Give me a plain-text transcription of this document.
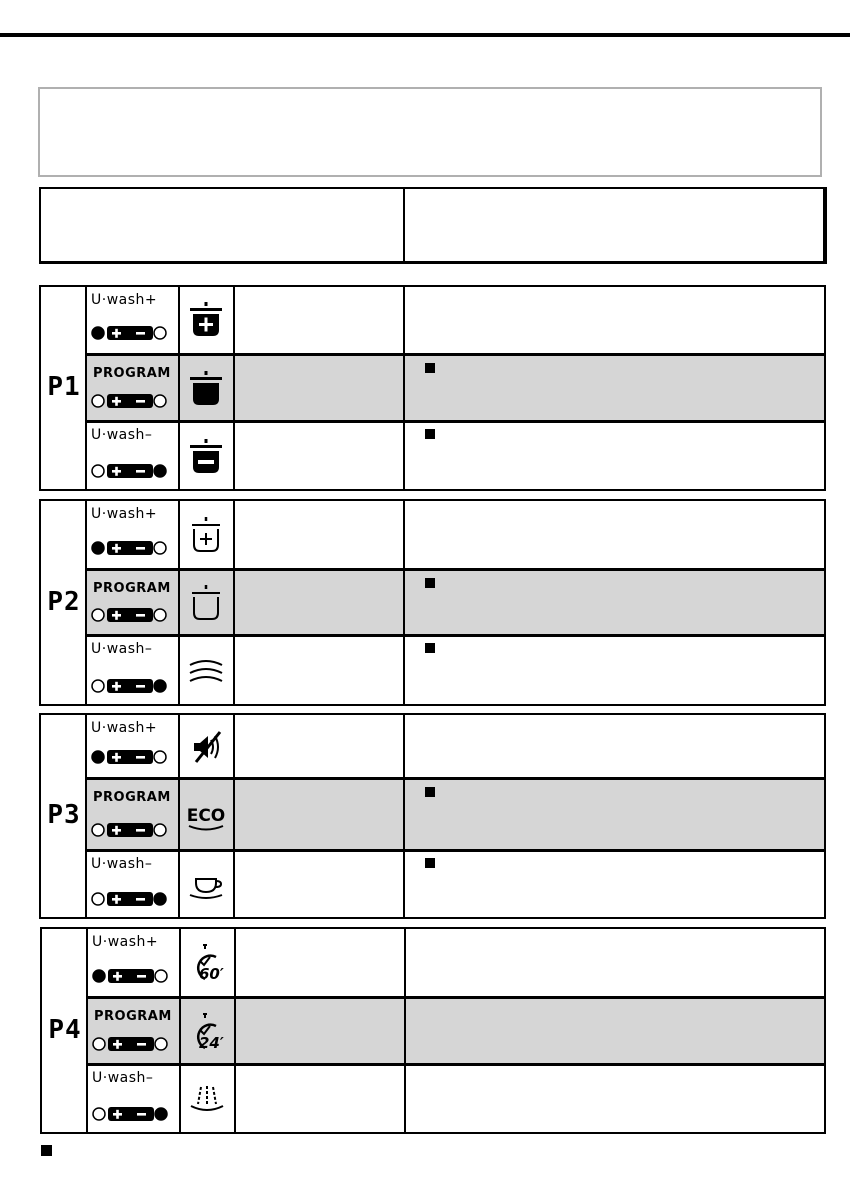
P1
U·wash+
PROGRAM
U·wash–
P2
U·wash+
PROGRAM
U·wash–
P3
U·wash+
PROGRAM
ECO
U·wash–
P4
U·wash+
60′
PROGRAM
24′
U·wash–
